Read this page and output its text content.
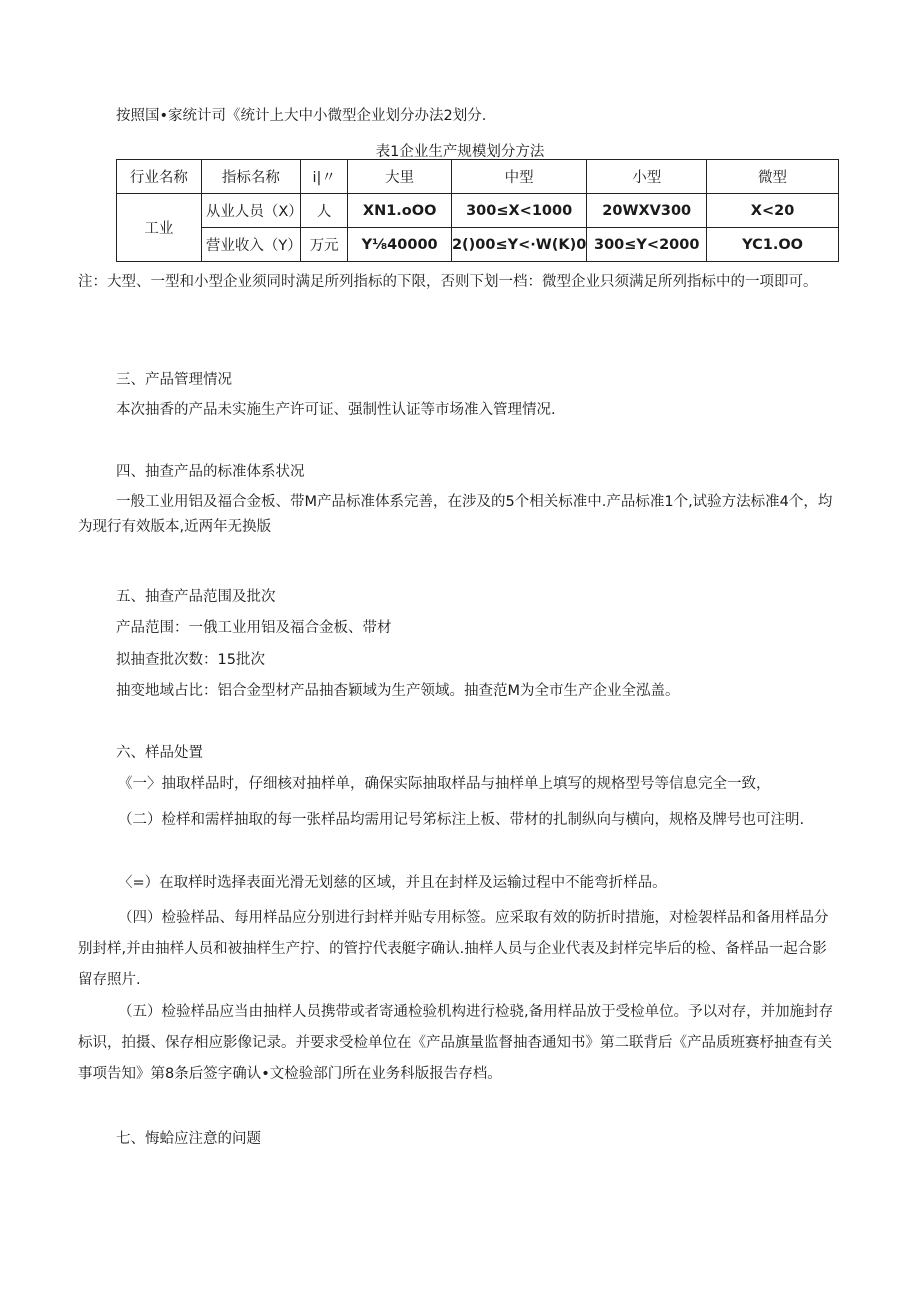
按照国•家统计司《统计上大中小微型企业划分办法2划分.
表1企业生产规模划分方法
行业名称	指标名称	ⅰ|〃	大里	中型	小型	微型
工业	从业人员（X）	人	XN1.oOO	300≤X<1000	20WXV300	X<20
	营业收入（Y）	万元	Y⅛40000	2()00≤Y<·W(K)0	300≤Y<2000	YC1.OO
注：大型、一型和小型企业须同时满足所列指标的下限，否则下划一档：微型企业只须满足所列指标中的一项即可。
三、产品管理情况
本次抽香的产品未实施生产许可证、强制性认证等市场准入管理情况.
四、抽查产品的标准体系状况
一般工业用铝及福合金板、带M产品标准体系完善，在涉及的5个相关标准中.产品标准1个,试验方法标准4个，均为现行有效版本,近两年无换版
五、抽查产品范围及批次
产品范围：一俄工业用铝及福合金板、带材
拟抽查批次数：15批次
抽变地域占比：铝合金型材产品抽杳颖域为生产领域。抽查范M为全市生产企业全泓盖。
六、样品处置
《一〉抽取样品时，仔细核对抽样单，确保实际抽取样品与抽样单上填写的规格型号等信息完全一致，
（二）检样和需样抽取的每一张样品均需用记号笫标注上板、带材的扎制纵向与横向，规格及牌号也可注明.
〈=）在取样时选择表面光滑无划慈的区域，并且在封样及运输过程中不能弯折样品。
（四）检验样品、每用样品应分别进行封样并贴专用标签。应采取有效的防折时措施，对检袈样品和备用样品分别封样,并由抽样人员和被抽样生产拧、的管拧代表艇字确认.抽样人员与企业代表及封样完毕后的检、备样品一起合影留存照片.
（五）检验样品应当由抽样人员携带或者寄通检验机构进行检骁,备用样品放于受检单位。予以对存，并加施封存标识，拍摄、保存相应影像记录。并要求受检单位在《产品旗量监督抽杳通知书》第二联背后《产品质班赛杼抽查有关事项告知》第8条后签字确认•文检验部门所在业务科版报告存档。
七、悔蛤应注意的问题
